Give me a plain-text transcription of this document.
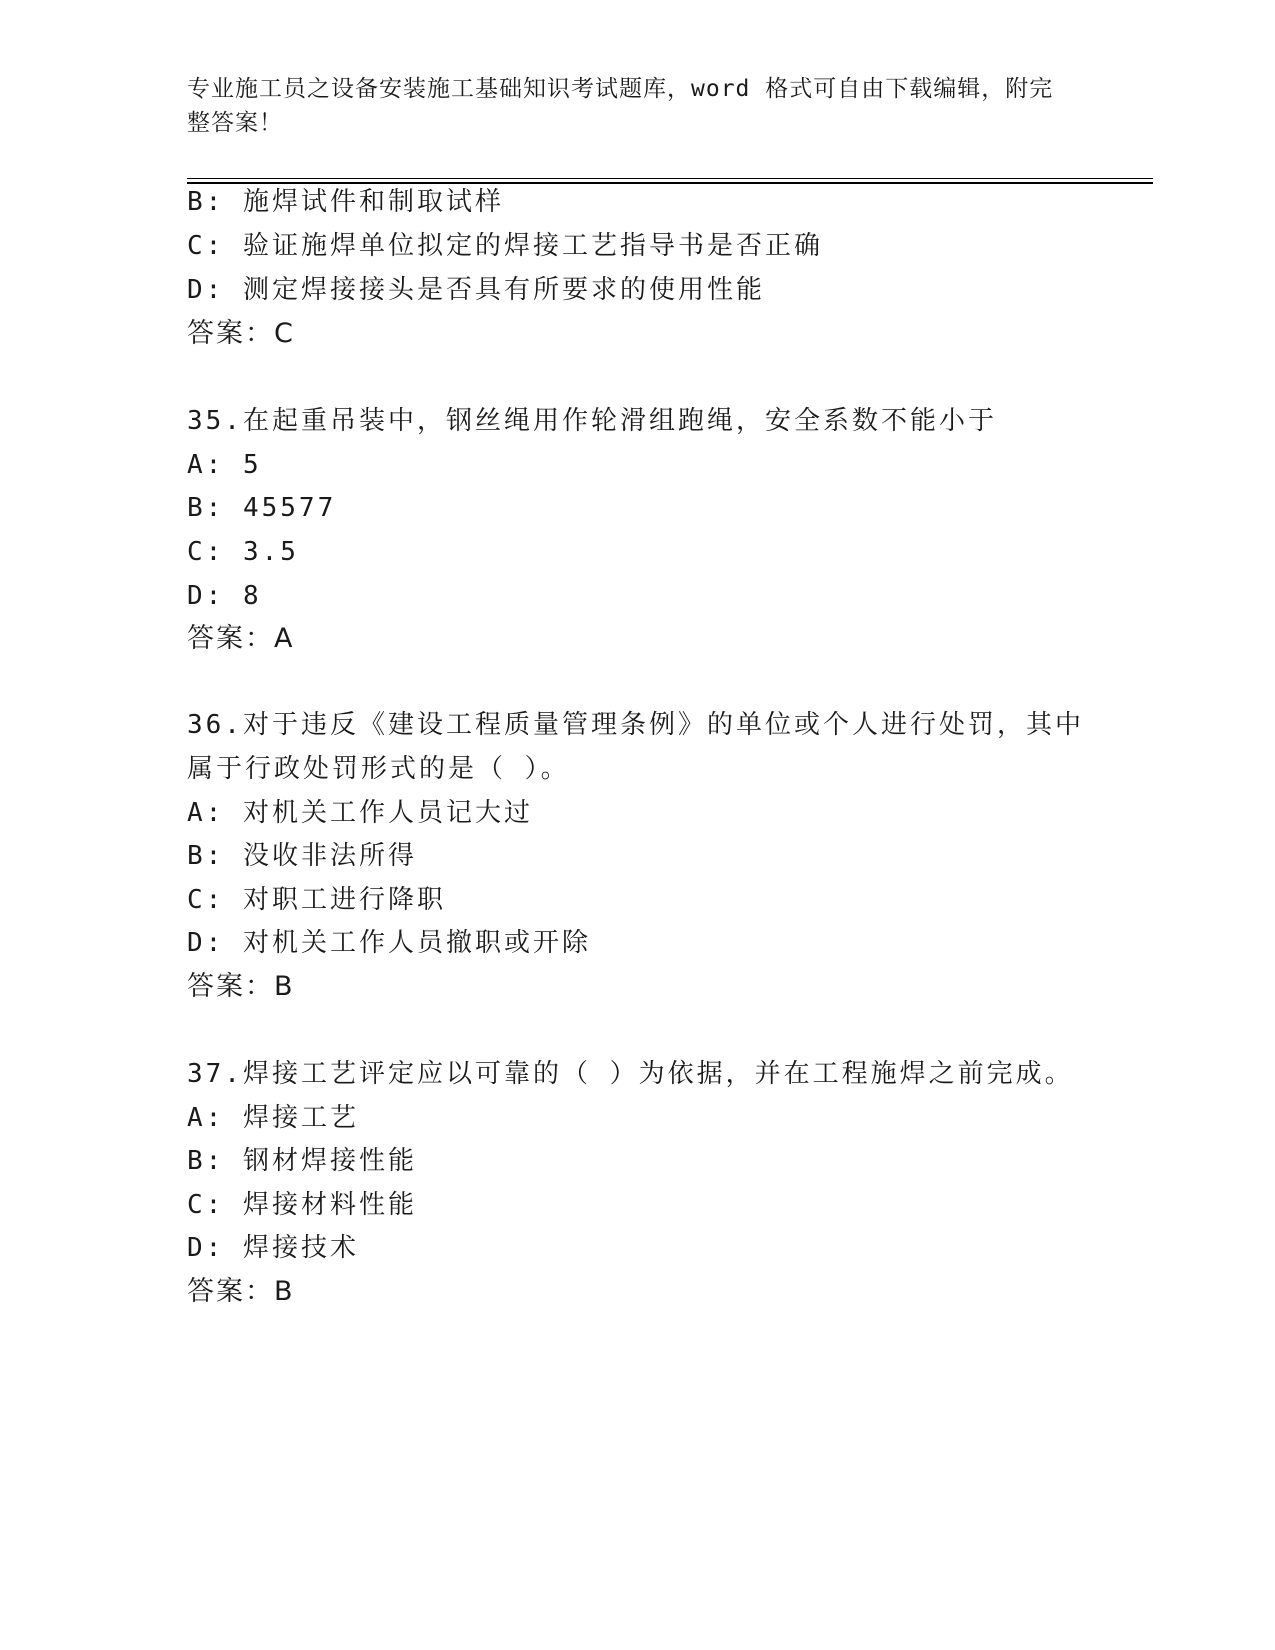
专业施工员之设备安装施工基础知识考试题库，word 格式可自由下载编辑，附完整答案！
B: 施焊试件和制取试样
C: 验证施焊单位拟定的焊接工艺指导书是否正确
D: 测定焊接接头是否具有所要求的使用性能
答案：C
35.在起重吊装中，钢丝绳用作轮滑组跑绳，安全系数不能小于
A: 5
B: 45577
C: 3.5
D: 8
答案：A
36.对于违反《建设工程质量管理条例》的单位或个人进行处罚，其中
属于行政处罚形式的是（ ）。
A: 对机关工作人员记大过
B: 没收非法所得
C: 对职工进行降职
D: 对机关工作人员撤职或开除
答案：B
37.焊接工艺评定应以可靠的（ ）为依据，并在工程施焊之前完成。
A: 焊接工艺
B: 钢材焊接性能
C: 焊接材料性能
D: 焊接技术
答案：B
